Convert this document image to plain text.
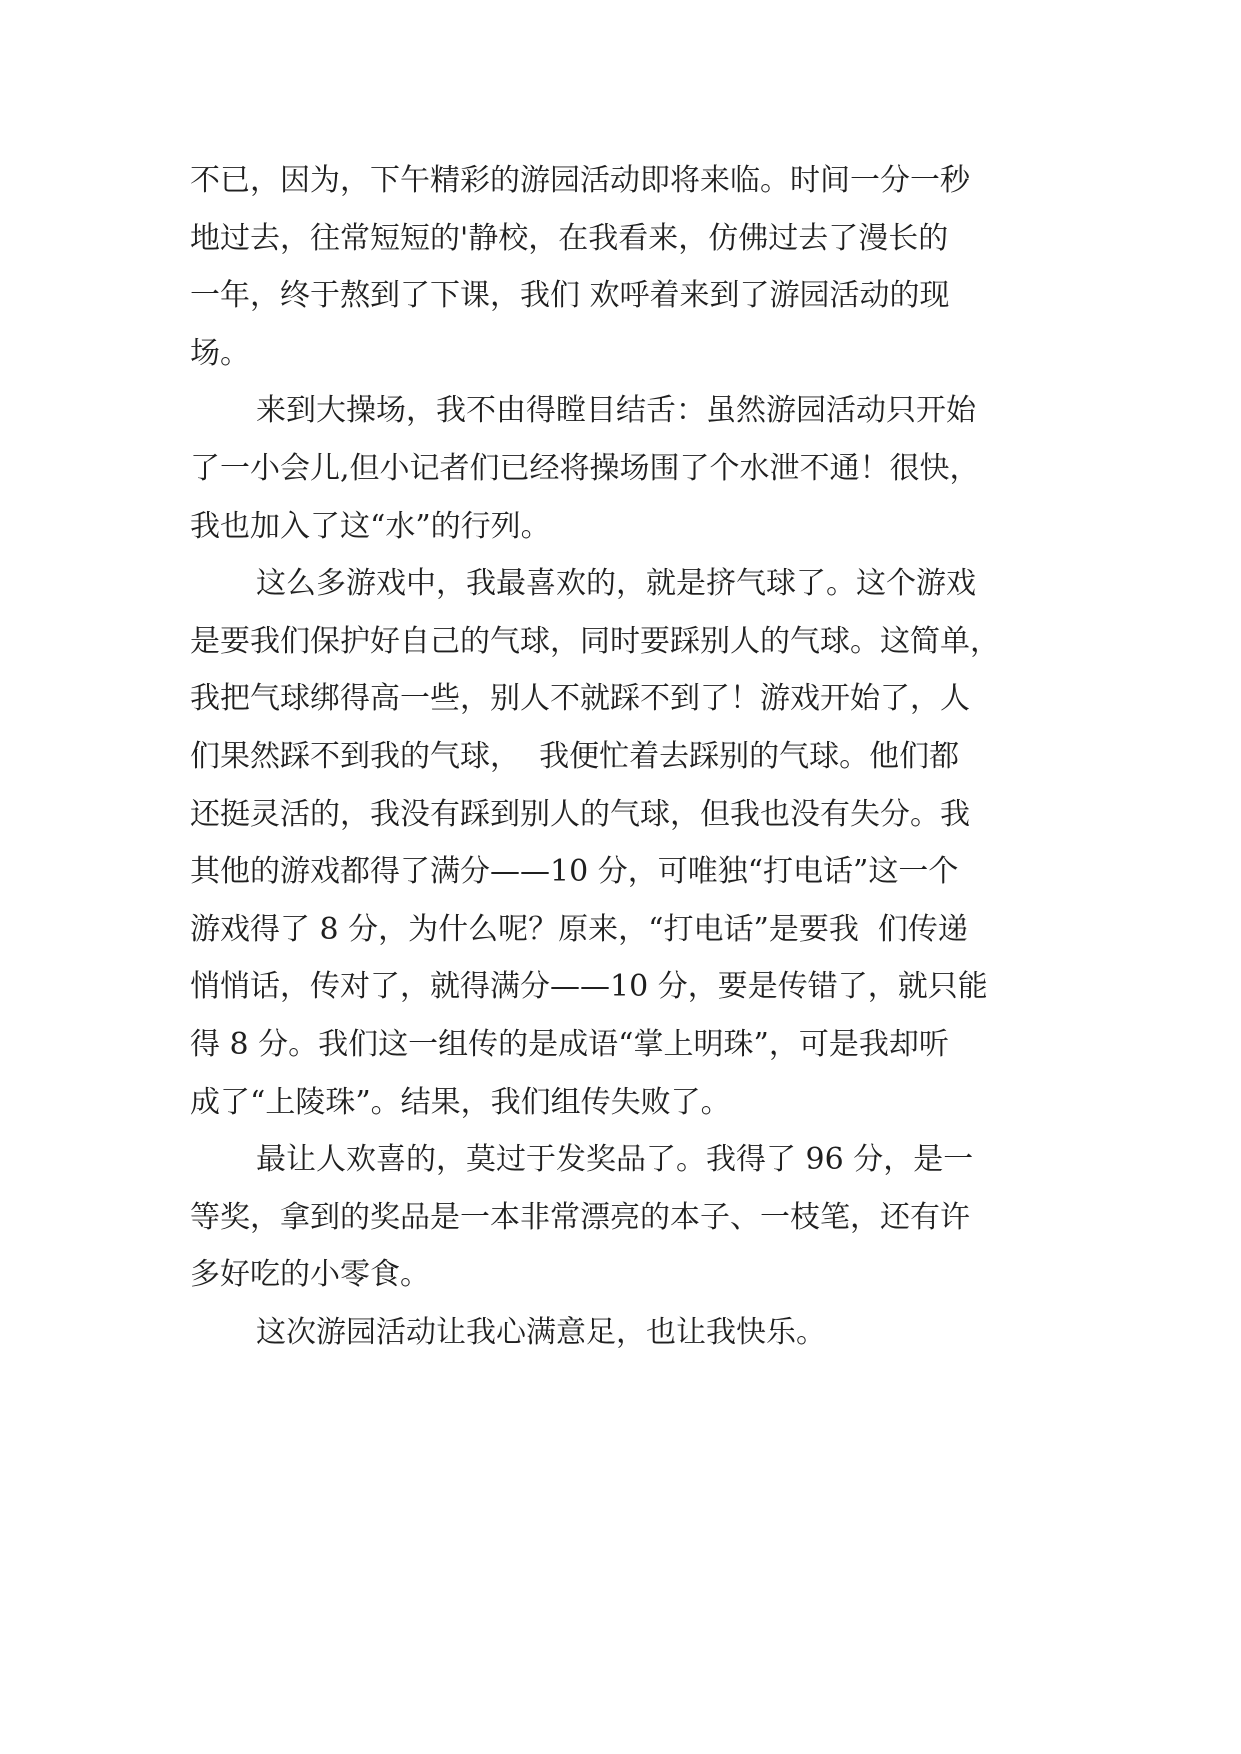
不已，因为，下午精彩的游园活动即将来临。时间一分一秒
地过去，往常短短的'静校，在我看来，仿佛过去了漫长的
一年，终于熬到了下课，我们 欢呼着来到了游园活动的现
场。
来到大操场，我不由得瞠目结舌：虽然游园活动只开始
了一小会儿,但小记者们已经将操场围了个水泄不通！很快，
我也加入了这“水”的行列。
这么多游戏中，我最喜欢的，就是挤气球了。这个游戏
是要我们保护好自己的气球，同时要踩别人的气球。这简单，
我把气球绑得高一些，别人不就踩不到了！游戏开始了，人
们果然踩不到我的气球，  我便忙着去踩别的气球。他们都
还挺灵活的，我没有踩到别人的气球，但我也没有失分。我
其他的游戏都得了满分——10 分，可唯独“打电话”这一个
游戏得了 8 分，为什么呢？原来，“打电话”是要我  们传递
悄悄话，传对了，就得满分——10 分，要是传错了，就只能
得 8 分。我们这一组传的是成语“掌上明珠”，可是我却听
成了“上陵珠”。结果，我们组传失败了。
最让人欢喜的，莫过于发奖品了。我得了 96 分，是一
等奖，拿到的奖品是一本非常漂亮的本子、一枝笔，还有许
多好吃的小零食。
这次游园活动让我心满意足，也让我快乐。
